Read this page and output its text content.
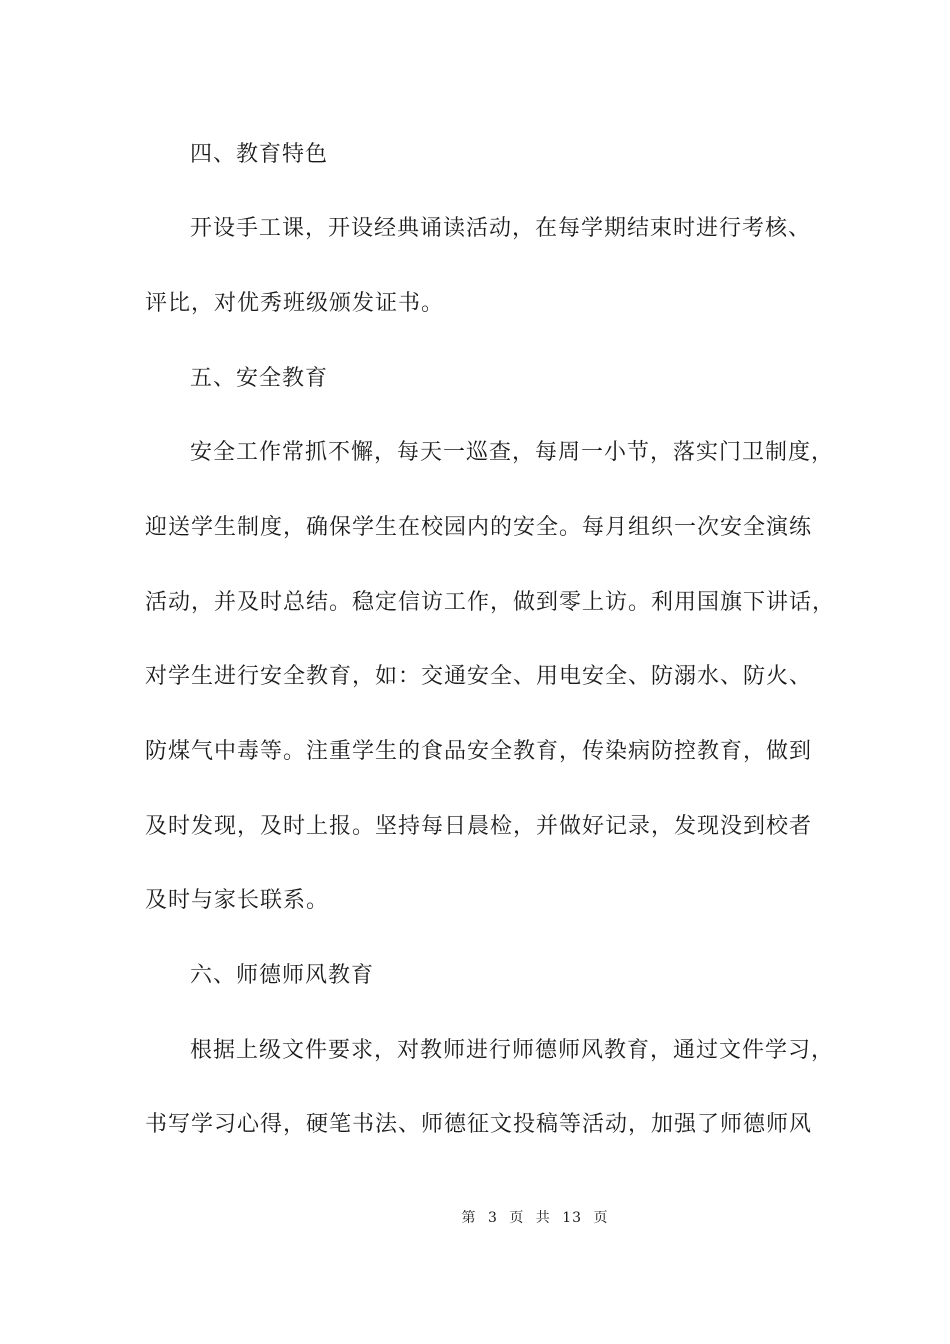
四、教育特色
开设手工课，开设经典诵读活动，在每学期结束时进行考核、
评比，对优秀班级颁发证书。
五、安全教育
安全工作常抓不懈，每天一巡查，每周一小节，落实门卫制度，
迎送学生制度，确保学生在校园内的安全。每月组织一次安全演练
活动，并及时总结。稳定信访工作，做到零上访。利用国旗下讲话，
对学生进行安全教育，如：交通安全、用电安全、防溺水、防火、
防煤气中毒等。注重学生的食品安全教育，传染病防控教育，做到
及时发现，及时上报。坚持每日晨检，并做好记录，发现没到校者
及时与家长联系。
六、师德师风教育
根据上级文件要求，对教师进行师德师风教育，通过文件学习，
书写学习心得，硬笔书法、师德征文投稿等活动，加强了师德师风
第 3 页 共 13 页
